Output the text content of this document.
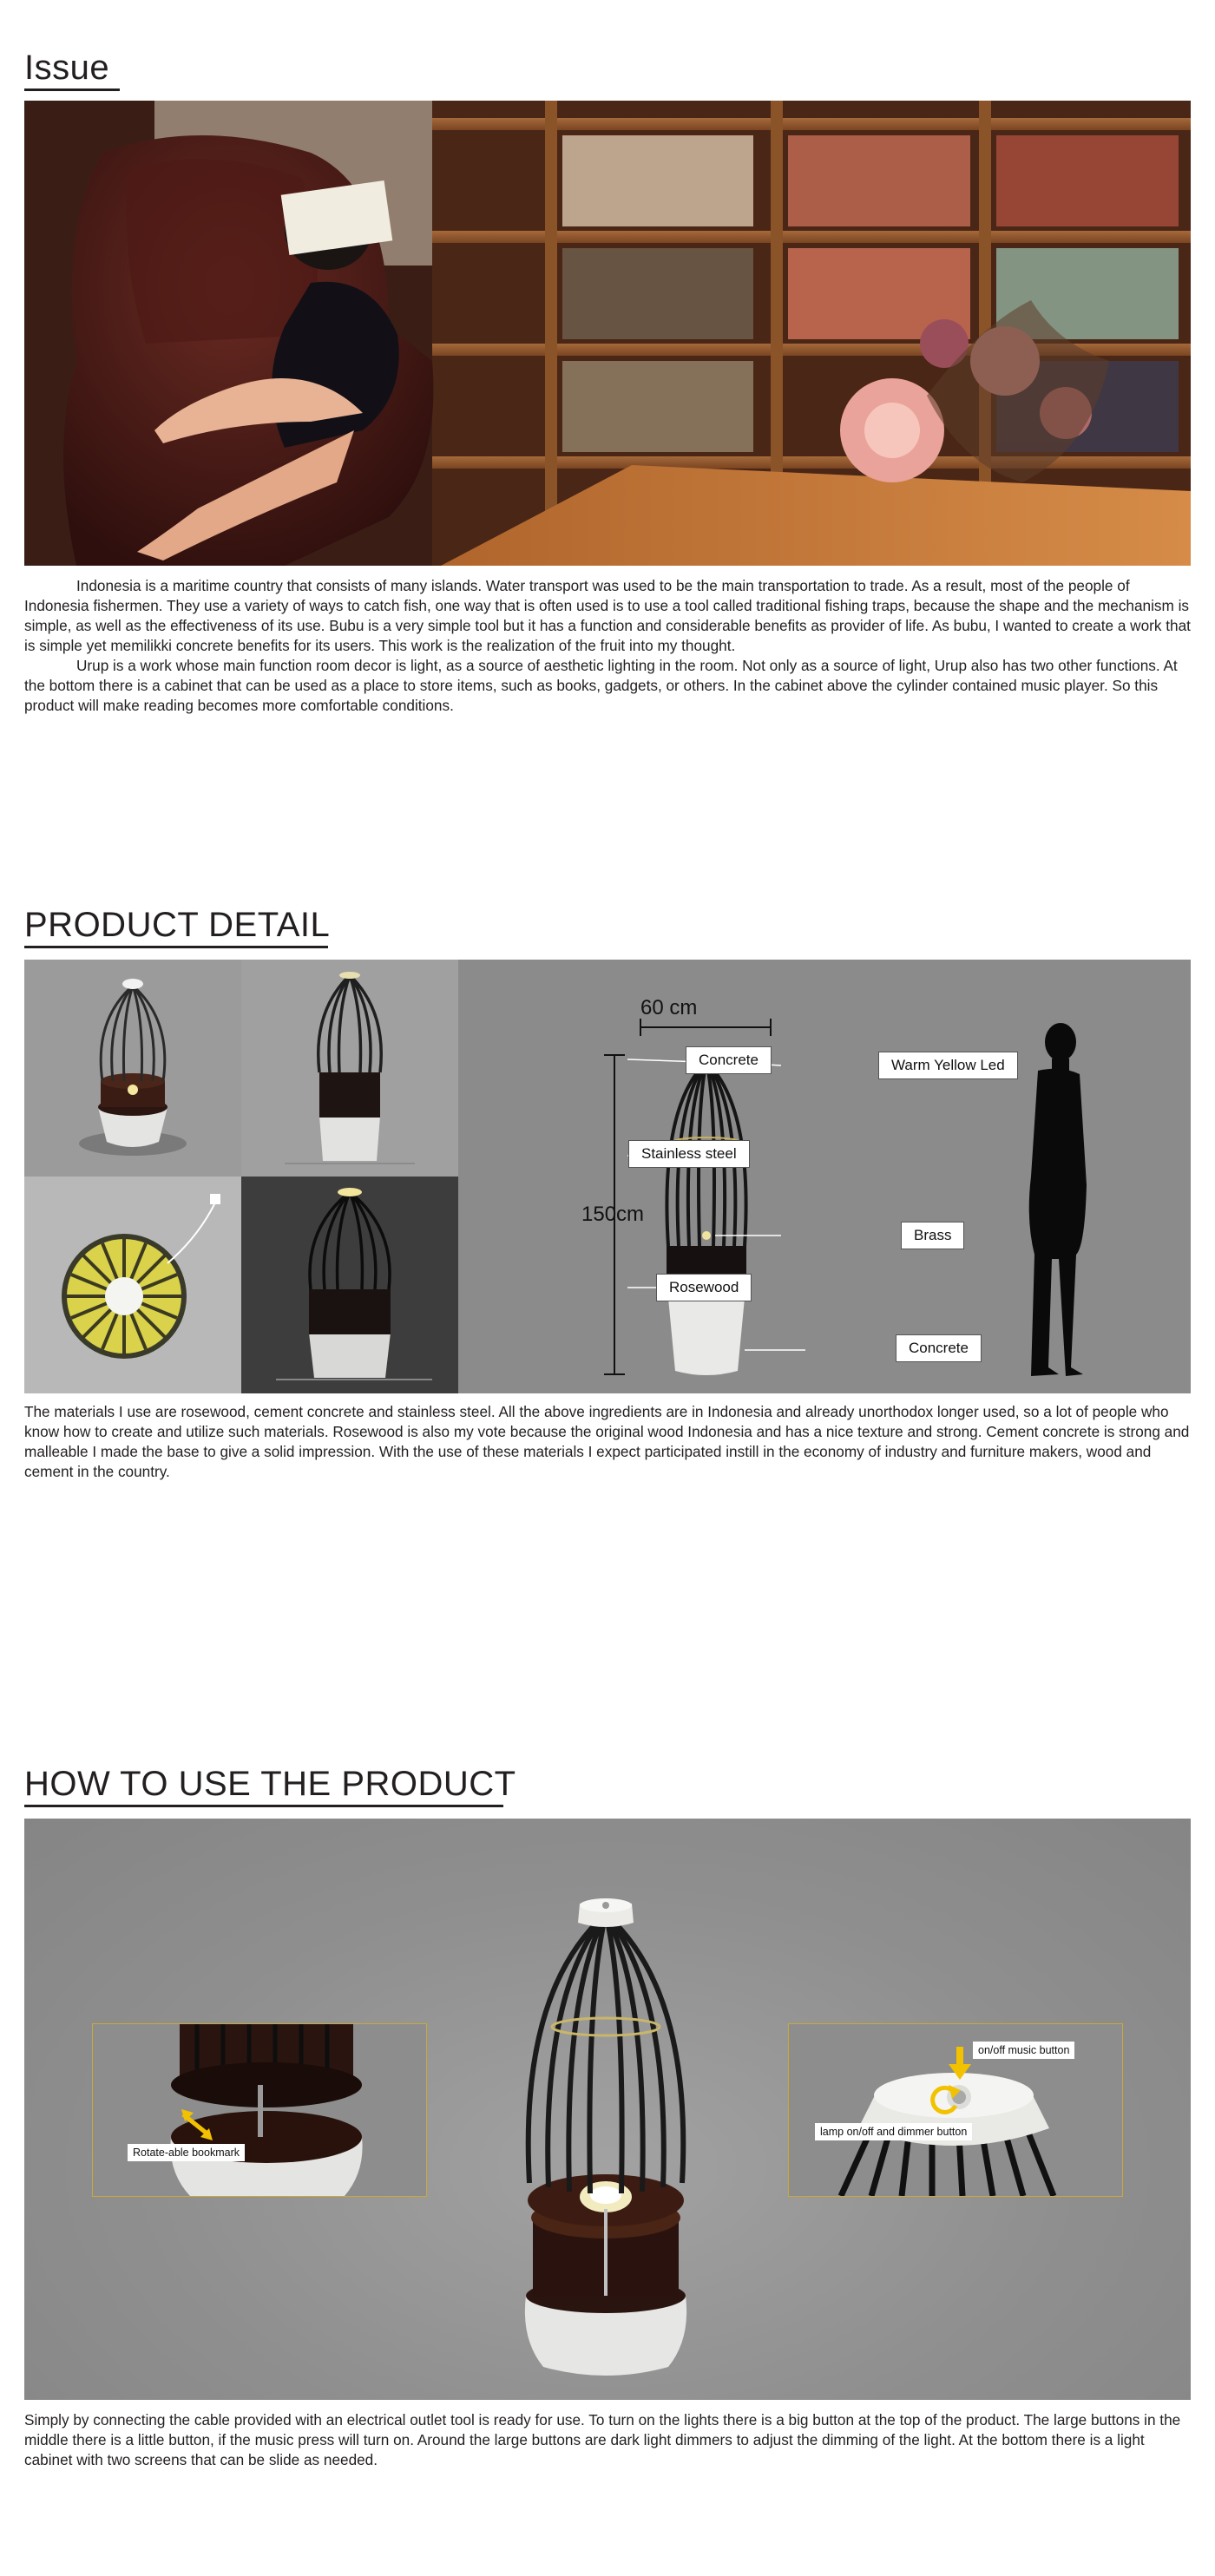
Issue

Indonesia is a maritime country that consists of many islands. Water transport was used to be the main transportation to trade. As a result, most of the people of Indonesia fishermen. They use a variety of ways to catch fish, one way that is often used is to use a tool called traditional fishing traps, because the shape and the mechanism is simple, as well as the effectiveness of its use. Bubu is a very simple tool but it has a function and considerable benefits as provider of life. As bubu, I wanted to create a work that is simple yet memilikki concrete benefits for its users. This work is the realization of the fruit into my thought.
Urup is a work whose main function room decor is light, as a source of aesthetic lighting in the room. Not only as a source of light, Urup also has two other functions. At the bottom there is a cabinet that can be used as a place to store items, such as books, gadgets, or others. In the cabinet above the cylinder contained music player. So this product will make reading becomes more comfortable conditions.

PRODUCT DETAIL
60 cm
150cm
Concrete	Warm Yellow Led
Stainless steel
Brass
Rosewood
Concrete

The materials I use are rosewood, cement concrete and stainless steel. All the above ingredients are in Indonesia and already unorthodox longer used, so a lot of people who know how to create and utilize such materials. Rosewood is also my vote because the original wood Indonesia and has a nice texture and strong. Cement concrete is strong and malleable I made the base to give a solid impression. With the use of these materials I expect participated instill in the economy of industry and furniture makers, wood and cement in the country.

HOW TO USE THE PRODUCT
Rotate-able bookmark
on/off music button
lamp on/off and dimmer button

Simply by connecting the cable provided with an electrical outlet tool is ready for use. To turn on the lights there is a big button at the top of the product. The large buttons in the middle there is a little button, if the music press will turn on. Around the large buttons are dark light dimmers to adjust the dimming of the light. At the bottom there is a light cabinet with two screens that can be slide as needed.
